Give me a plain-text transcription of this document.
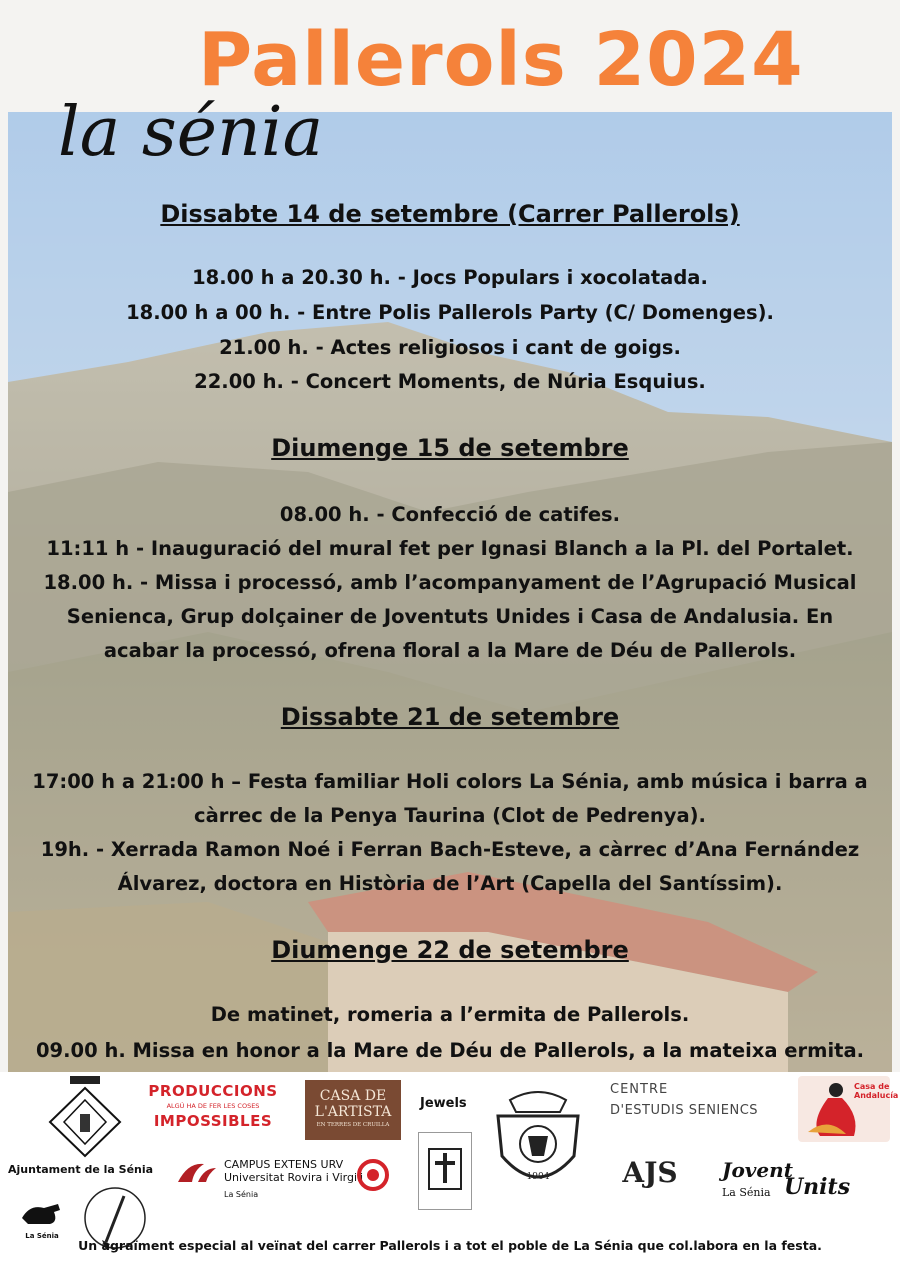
Pallerols 2024
la sénia
Dissabte 14 de setembre (Carrer Pallerols)
18.00 h a 20.30 h. - Jocs Populars i xocolatada.
18.00 h a 00 h. - Entre Polis Pallerols Party (C/ Domenges).
21.00 h. - Actes religiosos i cant de goigs.
22.00 h. - Concert Moments, de Núria Esquius.
Diumenge 15 de setembre
08.00 h. - Confecció de catifes.
11:11 h - Inauguració del mural fet per Ignasi Blanch a la Pl. del Portalet.
18.00 h. - Missa i processó, amb l’acompanyament de l’Agrupació Musical
Senienca, Grup dolçainer de Joventuts Unides i Casa de Andalusia. En
acabar la processó, ofrena floral a la Mare de Déu de Pallerols.
Dissabte 21 de setembre
17:00 h a 21:00 h – Festa familiar Holi colors La Sénia, amb música i barra a
càrrec de la Penya Taurina (Clot de Pedrenya).
19h. - Xerrada Ramon Noé i Ferran Bach-Esteve, a càrrec d’Ana Fernández
Álvarez, doctora en Història de l’Art (Capella del Santíssim).
Diumenge 22 de setembre
De matinet, romeria a l’ermita de Pallerols.
09.00 h. Missa en honor a la Mare de Déu de Pallerols, a la mateixa ermita.
Ajuntament de la Sénia
PRODUCCIONS
ALGÚ HA DE FER LES COSES
IMPOSSIBLES
CASA DE
L'ARTISTA
EN TERRES DE CRUILLA
Jewels
1904
CENTRE
D'ESTUDIS SENIENCS
Casa de Andalucía
CAMPUS EXTENS URV
Universitat Rovira i Virgili
La Sénia
AJS	Jovent
La Sénia Units
La Sénia
Un agraïment especial al veïnat del carrer Pallerols i a tot el poble de La Sénia que col.labora en la festa.
